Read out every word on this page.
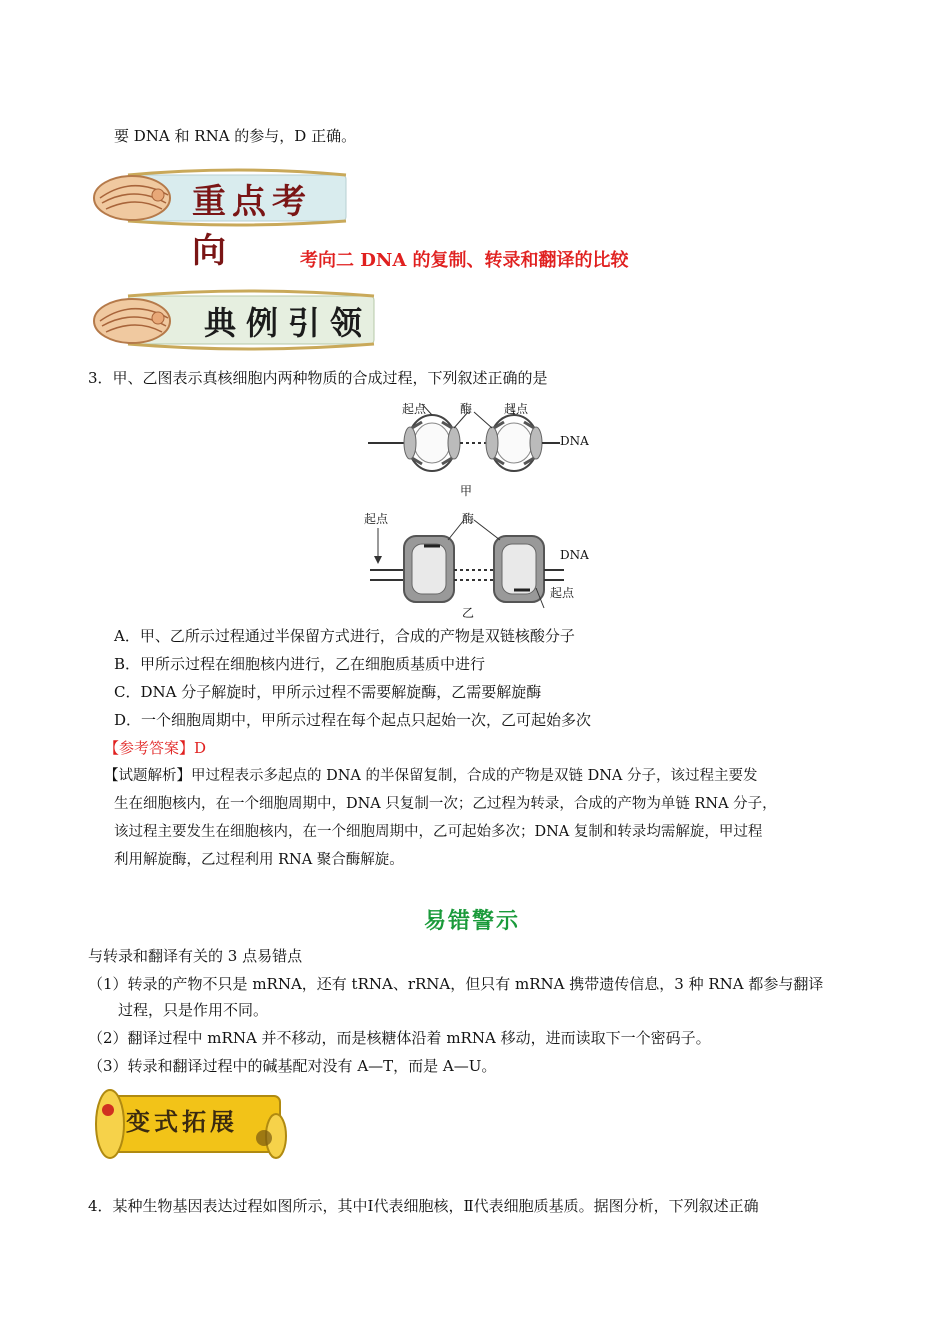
要 DNA 和 RNA 的参与，D 正确。
重点考向	考向二 DNA 的复制、转录和翻译的比较
典例引领
3．甲、乙图表示真核细胞内两种物质的合成过程，下列叙述正确的是
起点	酶	起点
DNA
甲
起点	酶
DNA
起点
乙
A．甲、乙所示过程通过半保留方式进行，合成的产物是双链核酸分子
B．甲所示过程在细胞核内进行，乙在细胞质基质中进行
C．DNA 分子解旋时，甲所示过程不需要解旋酶，乙需要解旋酶
D．一个细胞周期中，甲所示过程在每个起点只起始一次，乙可起始多次
【参考答案】D
【试题解析】甲过程表示多起点的 DNA 的半保留复制，合成的产物是双链 DNA 分子，该过程主要发
生在细胞核内，在一个细胞周期中，DNA 只复制一次；乙过程为转录，合成的产物为单链 RNA 分子，
该过程主要发生在细胞核内，在一个细胞周期中，乙可起始多次；DNA 复制和转录均需解旋，甲过程
利用解旋酶，乙过程利用 RNA 聚合酶解旋。
易错警示
与转录和翻译有关的 3 点易错点
（1）转录的产物不只是 mRNA，还有 tRNA、rRNA，但只有 mRNA 携带遗传信息，3 种 RNA 都参与翻译
过程，只是作用不同。
（2）翻译过程中 mRNA 并不移动，而是核糖体沿着 mRNA 移动，进而读取下一个密码子。
（3）转录和翻译过程中的碱基配对没有 A—T，而是 A—U。
变式拓展
4．某种生物基因表达过程如图所示，其中Ⅰ代表细胞核，Ⅱ代表细胞质基质。据图分析，下列叙述正确
